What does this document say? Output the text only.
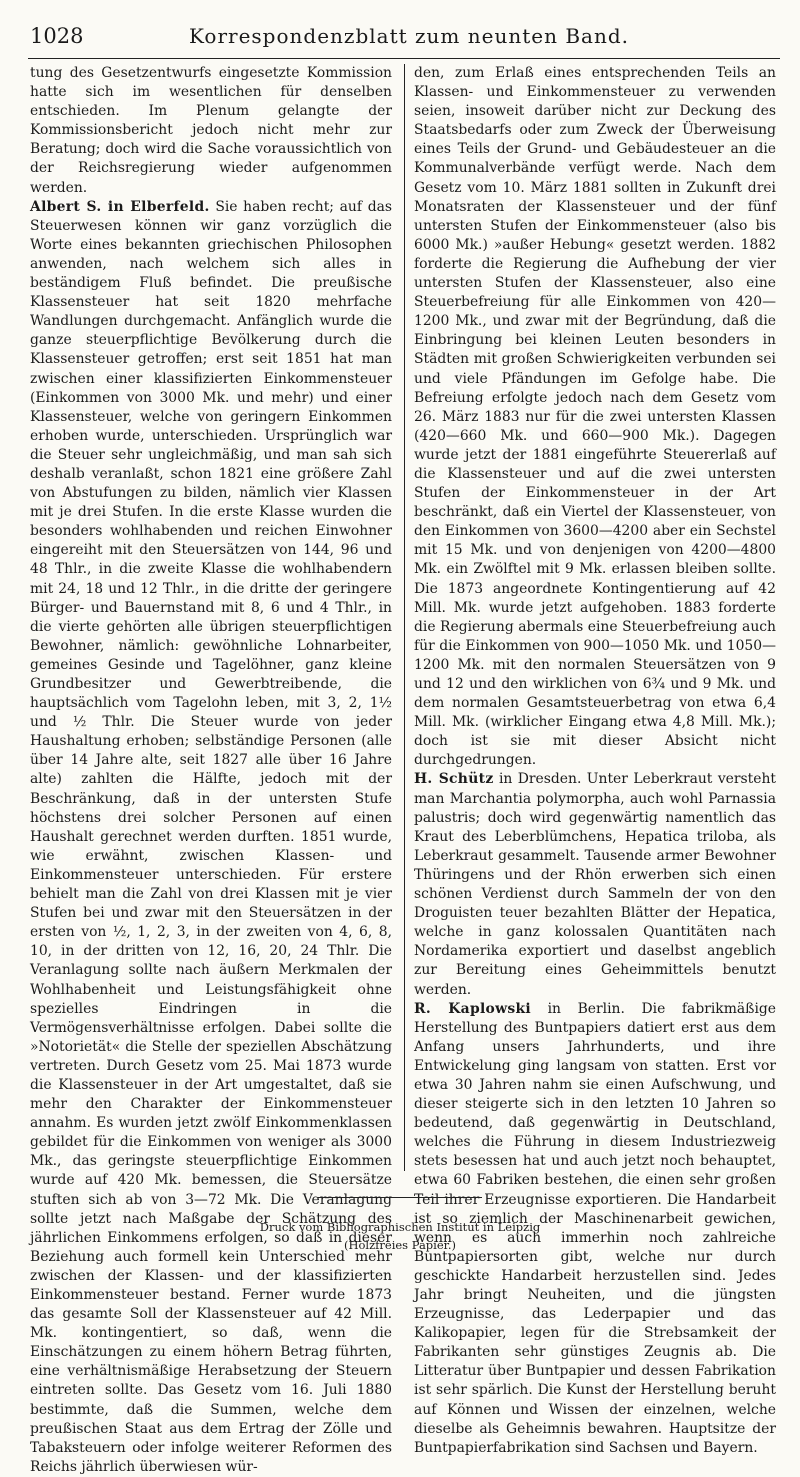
1028	Korrespondenzblatt zum neunten Band.

tung des Gesetzentwurfs eingesetzte Kommission hatte sich im wesentlichen für denselben entschieden. Im Plenum gelangte der Kommissionsbericht jedoch nicht mehr zur Beratung; doch wird die Sache voraussichtlich von der Reichsregierung wieder aufgenommen werden.

Albert S. in Elberfeld. Sie haben recht; auf das Steuerwesen können wir ganz vorzüglich die Worte eines bekannten griechischen Philosophen anwenden, nach welchem sich alles in beständigem Fluß befindet. Die preußische Klassensteuer hat seit 1820 mehrfache Wandlungen durchgemacht. Anfänglich wurde die ganze steuerpflichtige Bevölkerung durch die Klassensteuer getroffen; erst seit 1851 hat man zwischen einer klassifizierten Einkommensteuer (Einkommen von 3000 Mk. und mehr) und einer Klassensteuer, welche von geringern Einkommen erhoben wurde, unterschieden. Ursprünglich war die Steuer sehr ungleichmäßig, und man sah sich deshalb veranlaßt, schon 1821 eine größere Zahl von Abstufungen zu bilden, nämlich vier Klassen mit je drei Stufen. In die erste Klasse wurden die besonders wohlhabenden und reichen Einwohner eingereiht mit den Steuersätzen von 144, 96 und 48 Thlr., in die zweite Klasse die wohlhabendern mit 24, 18 und 12 Thlr., in die dritte der geringere Bürger- und Bauernstand mit 8, 6 und 4 Thlr., in die vierte gehörten alle übrigen steuerpflichtigen Bewohner, nämlich: gewöhnliche Lohnarbeiter, gemeines Gesinde und Tagelöhner, ganz kleine Grundbesitzer und Gewerbtreibende, die hauptsächlich vom Tagelohn leben, mit 3, 2, 1½ und ½ Thlr. Die Steuer wurde von jeder Haushaltung erhoben; selbständige Personen (alle über 14 Jahre alte, seit 1827 alle über 16 Jahre alte) zahlten die Hälfte, jedoch mit der Beschränkung, daß in der untersten Stufe höchstens drei solcher Personen auf einen Haushalt gerechnet werden durften. 1851 wurde, wie erwähnt, zwischen Klassen- und Einkommensteuer unterschieden. Für erstere behielt man die Zahl von drei Klassen mit je vier Stufen bei und zwar mit den Steuersätzen in der ersten von ½, 1, 2, 3, in der zweiten von 4, 6, 8, 10, in der dritten von 12, 16, 20, 24 Thlr. Die Veranlagung sollte nach äußern Merkmalen der Wohlhabenheit und Leistungsfähigkeit ohne spezielles Eindringen in die Vermögensverhältnisse erfolgen. Dabei sollte die »Notorietät« die Stelle der speziellen Abschätzung vertreten. Durch Gesetz vom 25. Mai 1873 wurde die Klassensteuer in der Art umgestaltet, daß sie mehr den Charakter der Einkommensteuer annahm. Es wurden jetzt zwölf Einkommenklassen gebildet für die Einkommen von weniger als 3000 Mk., das geringste steuerpflichtige Einkommen wurde auf 420 Mk. bemessen, die Steuersätze stuften sich ab von 3—72 Mk. Die Veranlagung sollte jetzt nach Maßgabe der Schätzung des jährlichen Einkommens erfolgen, so daß in dieser Beziehung auch formell kein Unterschied mehr zwischen der Klassen- und der klassifizierten Einkommensteuer bestand. Ferner wurde 1873 das gesamte Soll der Klassensteuer auf 42 Mill. Mk. kontingentiert, so daß, wenn die Einschätzungen zu einem höhern Betrag führten, eine verhältnismäßige Herabsetzung der Steuern eintreten sollte. Das Gesetz vom 16. Juli 1880 bestimmte, daß die Summen, welche dem preußischen Staat aus dem Ertrag der Zölle und Tabaksteuern oder infolge weiterer Reformen des Reichs jährlich überwiesen wür-

den, zum Erlaß eines entsprechenden Teils an Klassen- und Einkommensteuer zu verwenden seien, insoweit darüber nicht zur Deckung des Staatsbedarfs oder zum Zweck der Überweisung eines Teils der Grund- und Gebäudesteuer an die Kommunalverbände verfügt werde. Nach dem Gesetz vom 10. März 1881 sollten in Zukunft drei Monatsraten der Klassensteuer und der fünf untersten Stufen der Einkommensteuer (also bis 6000 Mk.) »außer Hebung« gesetzt werden. 1882 forderte die Regierung die Aufhebung der vier untersten Stufen der Klassensteuer, also eine Steuerbefreiung für alle Einkommen von 420—1200 Mk., und zwar mit der Begründung, daß die Einbringung bei kleinen Leuten besonders in Städten mit großen Schwierigkeiten verbunden sei und viele Pfändungen im Gefolge habe. Die Befreiung erfolgte jedoch nach dem Gesetz vom 26. März 1883 nur für die zwei untersten Klassen (420—660 Mk. und 660—900 Mk.). Dagegen wurde jetzt der 1881 eingeführte Steuererlaß auf die Klassensteuer und auf die zwei untersten Stufen der Einkommensteuer in der Art beschränkt, daß ein Viertel der Klassensteuer, von den Einkommen von 3600—4200 aber ein Sechstel mit 15 Mk. und von denjenigen von 4200—4800 Mk. ein Zwölftel mit 9 Mk. erlassen bleiben sollte. Die 1873 angeordnete Kontingentierung auf 42 Mill. Mk. wurde jetzt aufgehoben. 1883 forderte die Regierung abermals eine Steuerbefreiung auch für die Einkommen von 900—1050 Mk. und 1050—1200 Mk. mit den normalen Steuersätzen von 9 und 12 und den wirklichen von 6¾ und 9 Mk. und dem normalen Gesamtsteuerbetrag von etwa 6,4 Mill. Mk. (wirklicher Eingang etwa 4,8 Mill. Mk.); doch ist sie mit dieser Absicht nicht durchgedrungen.

H. Schütz in Dresden. Unter Leberkraut versteht man Marchantia polymorpha, auch wohl Parnassia palustris; doch wird gegenwärtig namentlich das Kraut des Leberblümchens, Hepatica triloba, als Leberkraut gesammelt. Tausende armer Bewohner Thüringens und der Rhön erwerben sich einen schönen Verdienst durch Sammeln der von den Droguisten teuer bezahlten Blätter der Hepatica, welche in ganz kolossalen Quantitäten nach Nordamerika exportiert und daselbst angeblich zur Bereitung eines Geheimmittels benutzt werden.

R. Kaplowski in Berlin. Die fabrikmäßige Herstellung des Buntpapiers datiert erst aus dem Anfang unsers Jahrhunderts, und ihre Entwickelung ging langsam von statten. Erst vor etwa 30 Jahren nahm sie einen Aufschwung, und dieser steigerte sich in den letzten 10 Jahren so bedeutend, daß gegenwärtig in Deutschland, welches die Führung in diesem Industriezweig stets besessen hat und auch jetzt noch behauptet, etwa 60 Fabriken bestehen, die einen sehr großen Teil ihrer Erzeugnisse exportieren. Die Handarbeit ist so ziemlich der Maschinenarbeit gewichen, wenn es auch immerhin noch zahlreiche Buntpapiersorten gibt, welche nur durch geschickte Handarbeit herzustellen sind. Jedes Jahr bringt Neuheiten, und die jüngsten Erzeugnisse, das Lederpapier und das Kalikopapier, legen für die Strebsamkeit der Fabrikanten sehr günstiges Zeugnis ab. Die Litteratur über Buntpapier und dessen Fabrikation ist sehr spärlich. Die Kunst der Herstellung beruht auf Können und Wissen der einzelnen, welche dieselbe als Geheimnis bewahren. Hauptsitze der Buntpapierfabrikation sind Sachsen und Bayern.

Druck vom Bibliographischen Institut in Leipzig
(Holzfreies Papier.)
